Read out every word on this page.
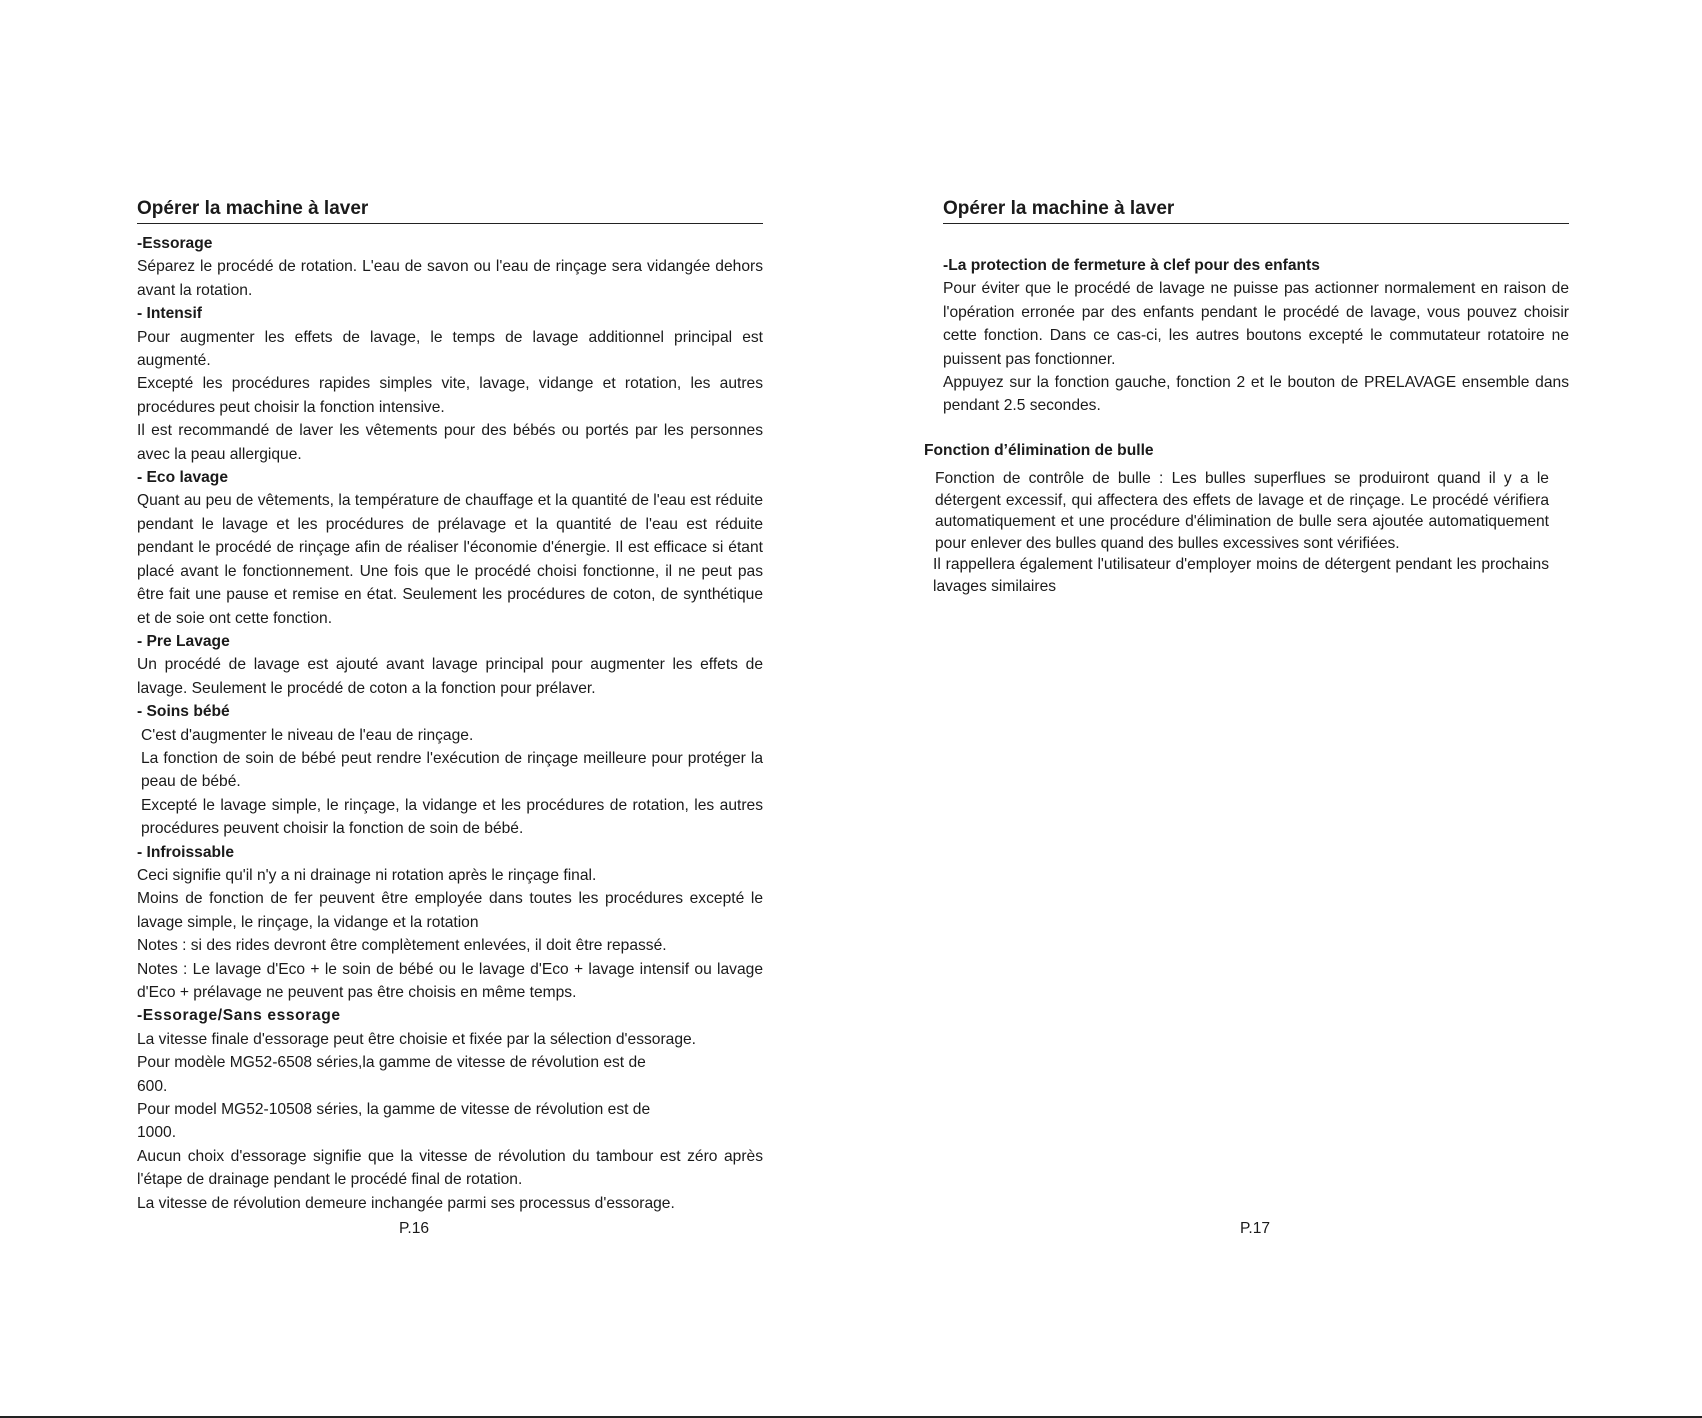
Opérer la machine à laver

-Essorage

Séparez le procédé de rotation. L'eau de savon ou l'eau de rinçage sera vidangée dehors avant la rotation.

- Intensif

Pour augmenter les effets de lavage, le temps de lavage additionnel principal est augmenté.

Excepté les procédures rapides simples vite, lavage, vidange et rotation, les autres procédures peut choisir la fonction intensive.

Il est recommandé de laver les vêtements pour des bébés ou portés par les personnes avec la peau allergique.

- Eco lavage

Quant au peu de vêtements, la température de chauffage et la quantité de l'eau est réduite pendant le lavage et les procédures de prélavage et la quantité de l'eau est réduite pendant le procédé de rinçage afin de réaliser l'économie d'énergie. Il est efficace si étant placé avant le fonctionnement. Une fois que le procédé choisi fonctionne, il ne peut pas être fait une pause et remise en état. Seulement les procédures de coton, de synthétique et de soie ont cette fonction.

- Pre Lavage

Un procédé de lavage est ajouté avant lavage principal pour augmenter les effets de lavage. Seulement le procédé de coton a la fonction pour prélaver.

- Soins bébé

C'est d'augmenter le niveau de l'eau de rinçage.

La fonction de soin de bébé peut rendre l'exécution de rinçage meilleure pour protéger la peau de bébé.

Excepté le lavage simple, le rinçage, la vidange et les procédures de rotation, les autres procédures peuvent choisir la fonction de soin de bébé.

- Infroissable

Ceci signifie qu'il n'y a ni drainage ni rotation après le rinçage final.

Moins de fonction de fer peuvent être employée dans toutes les procédures excepté le lavage simple, le rinçage, la vidange et la rotation

Notes : si des rides devront être complètement enlevées, il doit être repassé.

Notes : Le lavage d'Eco + le soin de bébé ou le lavage d'Eco + lavage intensif ou lavage d'Eco + prélavage ne peuvent pas être choisis en même temps.

-Essorage/Sans essorage

La vitesse finale d'essorage peut être choisie et fixée par la sélection d'essorage.

Pour modèle MG52-6508 séries,la gamme de vitesse de révolution est de

600.

Pour model MG52-10508 séries, la gamme de vitesse de révolution est de

1000.

Aucun choix d'essorage signifie que la vitesse de révolution du tambour est zéro après l'étape de drainage pendant le procédé final de rotation.

La vitesse de révolution demeure inchangée parmi ses processus d'essorage.

P.16
Opérer la machine à laver

-La protection de fermeture à clef pour des enfants

Pour éviter que le procédé de lavage ne puisse pas actionner normalement en raison de l'opération erronée par des enfants pendant le procédé de lavage, vous pouvez choisir cette fonction. Dans ce cas-ci, les autres boutons excepté le commutateur rotatoire ne puissent pas fonctionner.

Appuyez sur la fonction gauche, fonction 2 et le bouton de PRELAVAGE ensemble dans pendant 2.5 secondes.

Fonction d’élimination de bulle

Fonction de contrôle de bulle : Les bulles superflues se produiront quand il y a le détergent excessif, qui affectera des effets de lavage et de rinçage. Le procédé vérifiera automatiquement et une procédure d'élimination de bulle sera ajoutée automatiquement pour enlever des bulles quand des bulles excessives sont vérifiées.

Il rappellera également l'utilisateur d'employer moins de détergent pendant les prochains lavages similaires

P.17
